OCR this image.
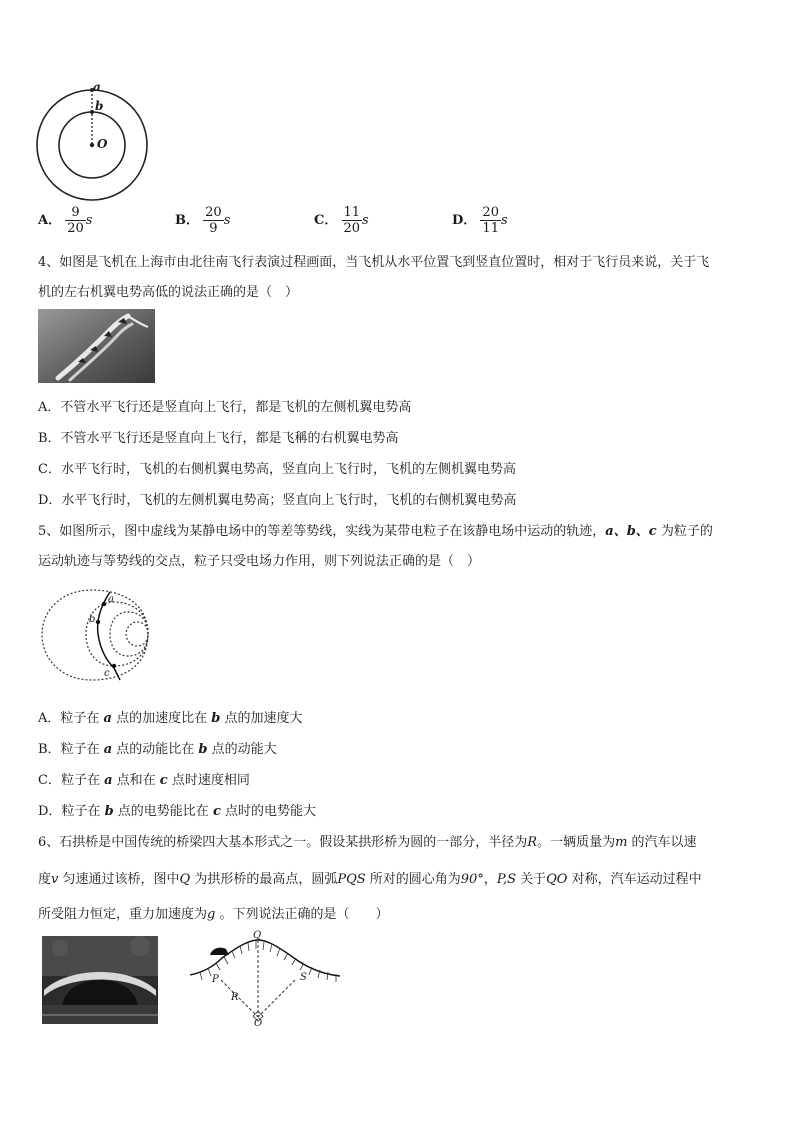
a
b
O
A． $\frac{9}{20}$ s	B． $\frac{20}{9}$ s	C． $\frac{11}{20}$ s	D． $\frac{20}{11}$ s
4、如图是飞机在上海市由北往南飞行表演过程画面，当飞机从水平位置飞到竖直位置时，相对于飞行员来说，关于飞
机的左右机翼电势高低的说法正确的是（　）
A．不管水平飞行还是竖直向上飞行，都是飞机的左侧机翼电势高
B．不管水平飞行还是竖直向上飞行，都是飞稱的右机翼电势高
C．水平飞行时，飞机的右侧机翼电势高，竖直向上飞行时，飞机的左侧机翼电势高
D．水平飞行时，飞机的左侧机翼电势高；竖直向上飞行时，飞机的右侧机翼电势高
5、如图所示，图中虚线为某静电场中的等差等势线，实线为某带电粒子在该静电场中运动的轨迹，a、b、c 为粒子的
运动轨迹与等势线的交点，粒子只受电场力作用，则下列说法正确的是（　）
a
b
c
A．粒子在 a 点的加速度比在 b 点的加速度大
B．粒子在 a 点的动能比在 b 点的动能大
C．粒子在 a 点和在 c 点时速度相同
D．粒子在 b 点的电势能比在 c 点时的电势能大
6、石拱桥是中国传统的桥梁四大基本形式之一。假设某拱形桥为圆的一部分，半径为R。一辆质量为m 的汽车以速
度v 匀速通过该桥，图中Q 为拱形桥的最高点，圆弧PQS 所对的圆心角为90°，P,S 关于QO 对称，汽车运动过程中
所受阻力恒定，重力加速度为g 。下列说法正确的是（　　）
Q
P	S
R
O
